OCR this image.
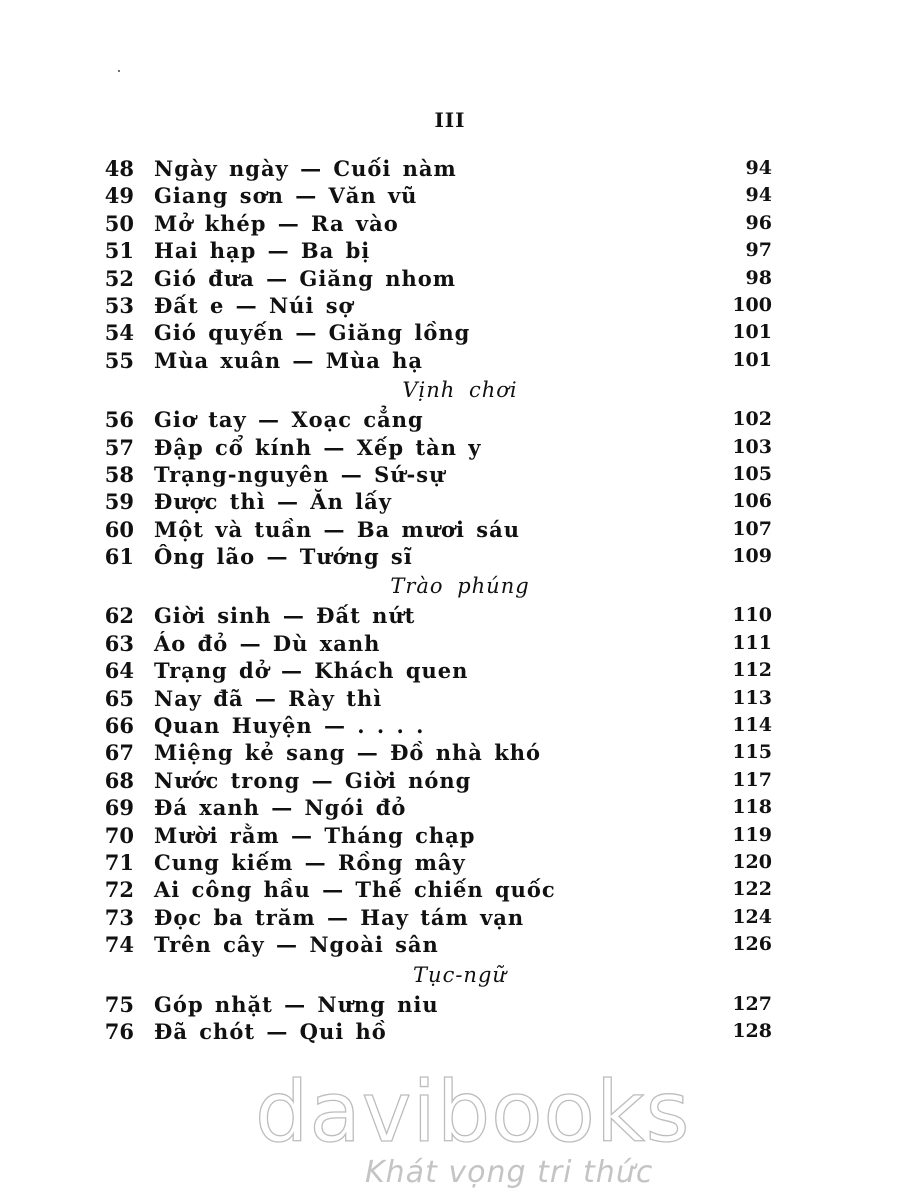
III
48 Ngày ngày — Cuối nàm	94
49 Giang sơn — Văn vũ	94
50 Mở khép — Ra vào	96
51 Hai hạp — Ba bị	97
52 Gió đưa — Giăng nhom	98
53 Đất e — Núi sợ	100
54 Gió quyến — Giăng lồng	101
55 Mùa xuân — Mùa hạ	101
Vịnh chơi
56 Giơ tay — Xoạc cẳng	102
57 Đập cổ kính — Xếp tàn y	103
58 Trạng-nguyên — Sứ-sự	105
59 Được thì — Ăn lấy	106
60 Một và tuần — Ba mươi sáu	107
61 Ông lão — Tướng sĩ	109
Trào phúng
62 Giời sinh — Đất nứt	110
63 Áo đỏ — Dù xanh	111
64 Trạng dở — Khách quen	112
65 Nay đã — Rày thì	113
66 Quan Huyện — . . . .	114
67 Miệng kẻ sang — Đồ nhà khó	115
68 Nước trong — Giời nóng	117
69 Đá xanh — Ngói đỏ	118
70 Mười rằm — Tháng chạp	119
71 Cung kiếm — Rồng mây	120
72 Ai công hầu — Thế chiến quốc	122
73 Đọc ba trăm — Hay tám vạn	124
74 Trên cây — Ngoài sân	126
Tục-ngữ
75 Góp nhặt — Nưng niu	127
76 Đã chót — Qui hồ	128
davibooks
Khát vọng tri thức
